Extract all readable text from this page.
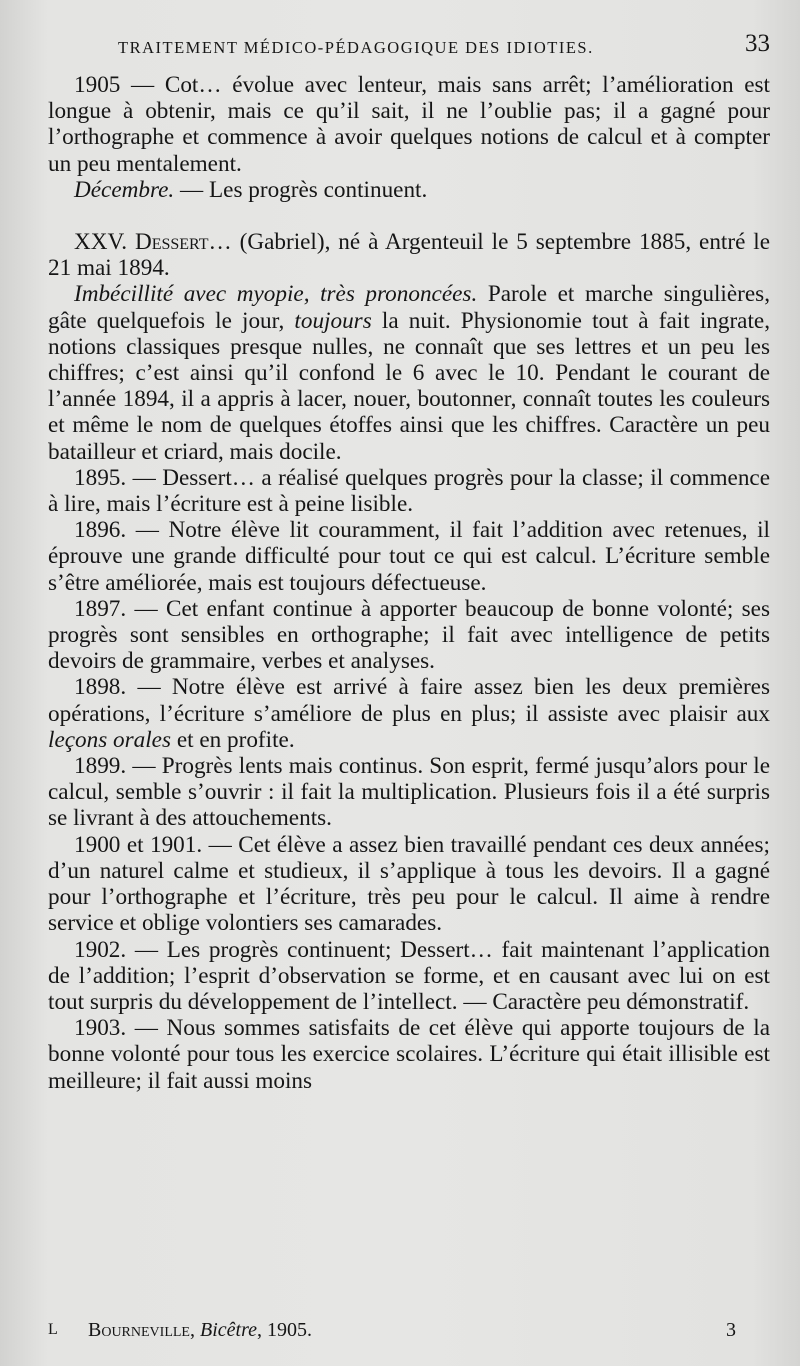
TRAITEMENT MÉDICO-PÉDAGOGIQUE DES IDIOTIES.	33

1905 — Cot… évolue avec lenteur, mais sans arrêt; l’amélioration est longue à obtenir, mais ce qu’il sait, il ne l’oublie pas; il a gagné pour l’orthographe et commence à avoir quelques notions de calcul et à compter un peu mentalement.

Décembre. — Les progrès continuent.

XXV. Dessert… (Gabriel), né à Argenteuil le 5 septembre 1885, entré le 21 mai 1894.

Imbécillité avec myopie, très prononcées. Parole et marche singulières, gâte quelquefois le jour, toujours la nuit. Physionomie tout à fait ingrate, notions classiques presque nulles, ne connaît que ses lettres et un peu les chiffres; c’est ainsi qu’il confond le 6 avec le 10. Pendant le courant de l’année 1894, il a appris à lacer, nouer, boutonner, connaît toutes les couleurs et même le nom de quelques étoffes ainsi que les chiffres. Caractère un peu batailleur et criard, mais docile.

1895. — Dessert… a réalisé quelques progrès pour la classe; il commence à lire, mais l’écriture est à peine lisible.

1896. — Notre élève lit couramment, il fait l’addition avec retenues, il éprouve une grande difficulté pour tout ce qui est calcul. L’écriture semble s’être améliorée, mais est toujours défectueuse.

1897. — Cet enfant continue à apporter beaucoup de bonne volonté; ses progrès sont sensibles en orthographe; il fait avec intelligence de petits devoirs de grammaire, verbes et analyses.

1898. — Notre élève est arrivé à faire assez bien les deux premières opérations, l’écriture s’améliore de plus en plus; il assiste avec plaisir aux leçons orales et en profite.

1899. — Progrès lents mais continus. Son esprit, fermé jusqu’alors pour le calcul, semble s’ouvrir : il fait la multiplication. Plusieurs fois il a été surpris se livrant à des attouchements.

1900 et 1901. — Cet élève a assez bien travaillé pendant ces deux années; d’un naturel calme et studieux, il s’applique à tous les devoirs. Il a gagné pour l’orthographe et l’écriture, très peu pour le calcul. Il aime à rendre service et oblige volontiers ses camarades.

1902. — Les progrès continuent; Dessert… fait maintenant l’application de l’addition; l’esprit d’observation se forme, et en causant avec lui on est tout surpris du développement de l’intellect. — Caractère peu démonstratif.

1903. — Nous sommes satisfaits de cet élève qui apporte toujours de la bonne volonté pour tous les exercice scolaires. L’écriture qui était illisible est meilleure; il fait aussi moins

L Bourneville, Bicêtre, 1905.	3
